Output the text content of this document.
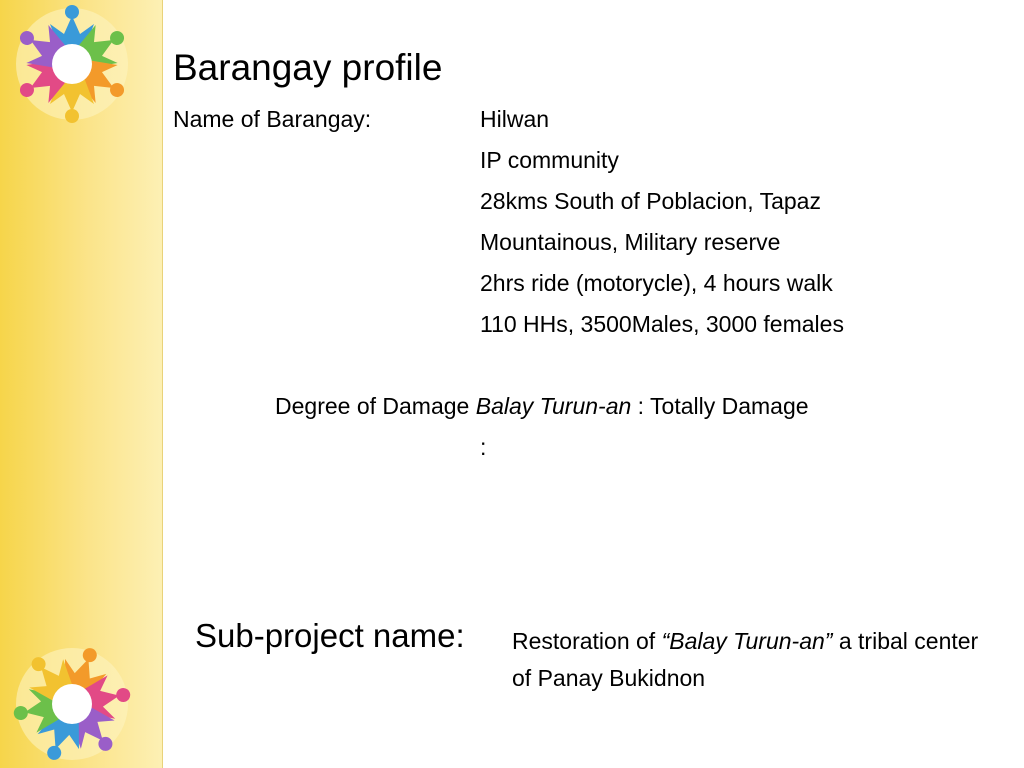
Barangay profile
Name of Barangay:	Hilwan
IP community
28kms South of Poblacion, Tapaz
Mountainous, Military reserve
2hrs ride (motorycle), 4 hours walk
110 HHs, 3500Males, 3000 females
Degree of Damage Balay Turun-an : Totally Damage
:
Sub-project name: Restoration of “Balay Turun-an” a tribal center of Panay Bukidnon
